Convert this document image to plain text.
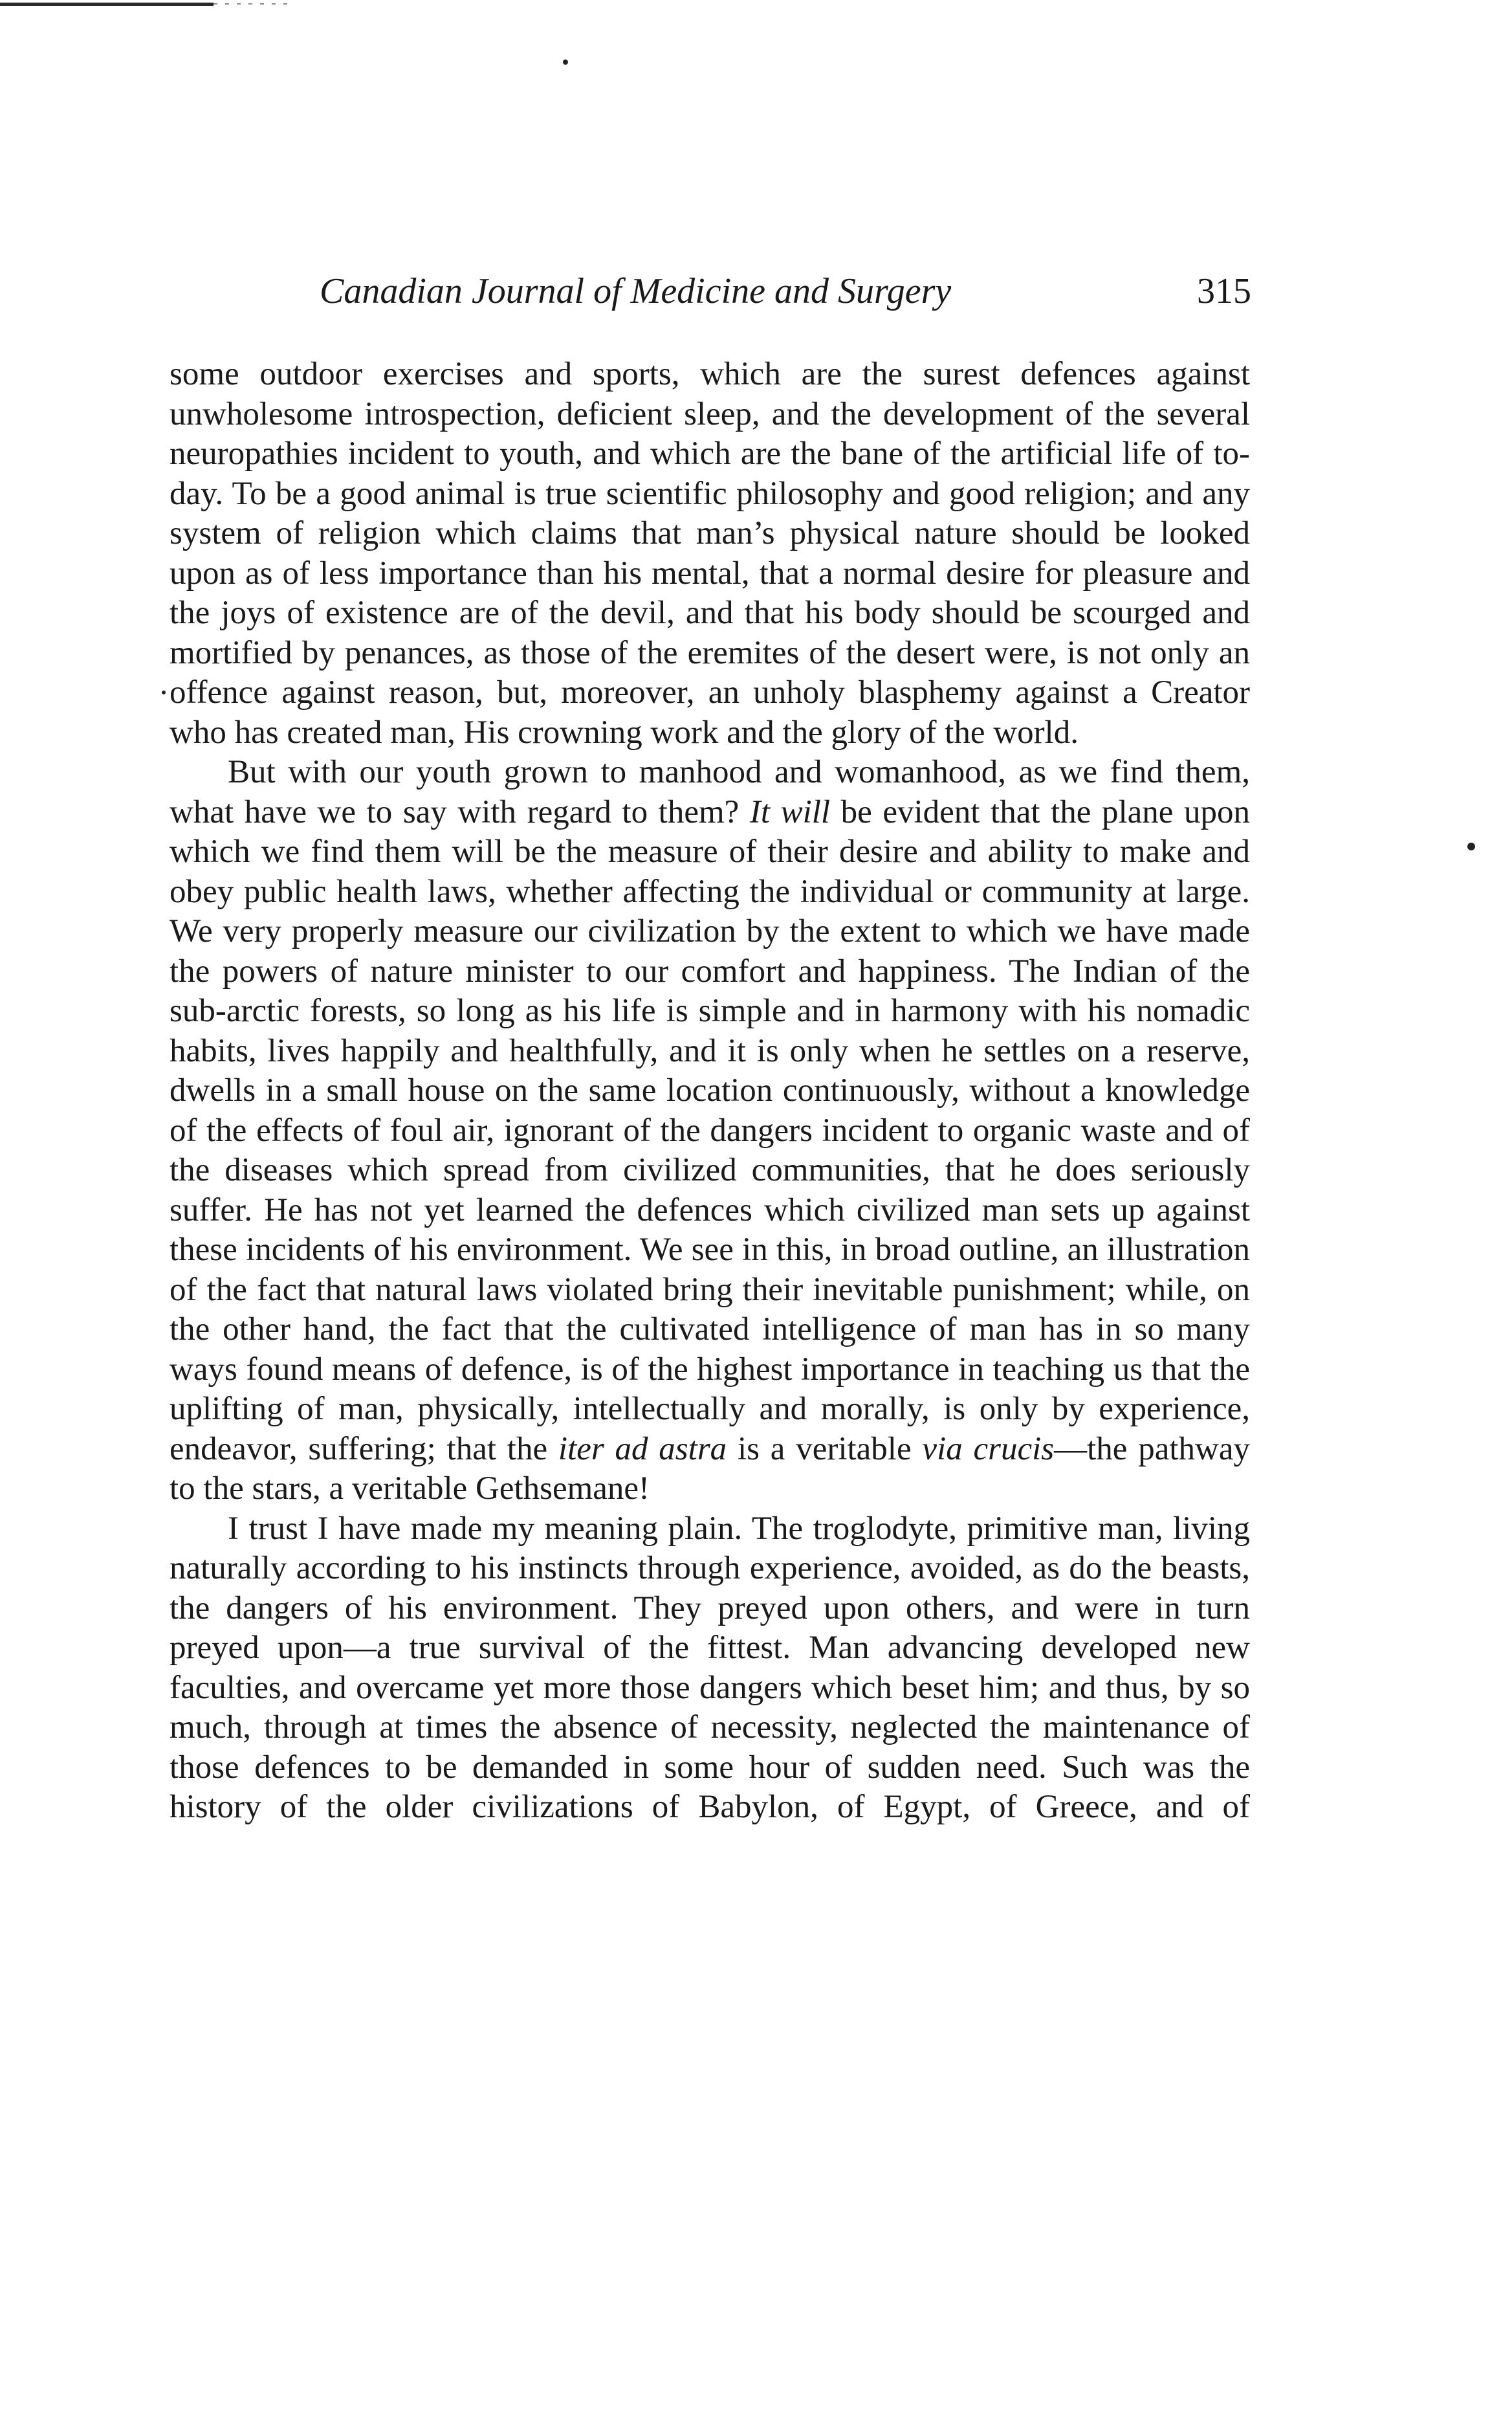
Canadian Journal of Medicine and Surgery	315

some outdoor exercises and sports, which are the surest defences against unwholesome introspection, deficient sleep, and the development of the several neuropathies incident to youth, and which are the bane of the artificial life of to-day. To be a good animal is true scientific philosophy and good religion; and any system of religion which claims that man’s physical nature should be looked upon as of less importance than his mental, that a normal desire for pleasure and the joys of existence are of the devil, and that his body should be scourged and mortified by penances, as those of the eremites of the desert were, is not only an offence against reason, but, moreover, an unholy blasphemy against a Creator who has created man, His crowning work and the glory of the world.

But with our youth grown to manhood and womanhood, as we find them, what have we to say with regard to them? It will be evident that the plane upon which we find them will be the measure of their desire and ability to make and obey public health laws, whether affecting the individual or community at large. We very properly measure our civilization by the extent to which we have made the powers of nature minister to our comfort and happiness. The Indian of the sub-arctic forests, so long as his life is simple and in harmony with his nomadic habits, lives happily and healthfully, and it is only when he settles on a reserve, dwells in a small house on the same location continuously, without a knowledge of the effects of foul air, ignorant of the dangers incident to organic waste and of the diseases which spread from civilized communities, that he does seriously suffer. He has not yet learned the defences which civilized man sets up against these incidents of his environment. We see in this, in broad outline, an illustration of the fact that natural laws violated bring their inevitable punishment; while, on the other hand, the fact that the cultivated intelligence of man has in so many ways found means of defence, is of the highest importance in teaching us that the uplifting of man, physically, intellectually and morally, is only by experience, endeavor, suffering; that the iter ad astra is a veritable via crucis—the pathway to the stars, a veritable Gethsemane!

I trust I have made my meaning plain. The troglodyte, primitive man, living naturally according to his instincts through experience, avoided, as do the beasts, the dangers of his environment. They preyed upon others, and were in turn preyed upon—a true survival of the fittest. Man advancing developed new faculties, and overcame yet more those dangers which beset him; and thus, by so much, through at times the absence of necessity, neglected the maintenance of those defences to be demanded in some hour of sudden need. Such was the history of the older civilizations of Babylon, of Egypt, of Greece, and of
